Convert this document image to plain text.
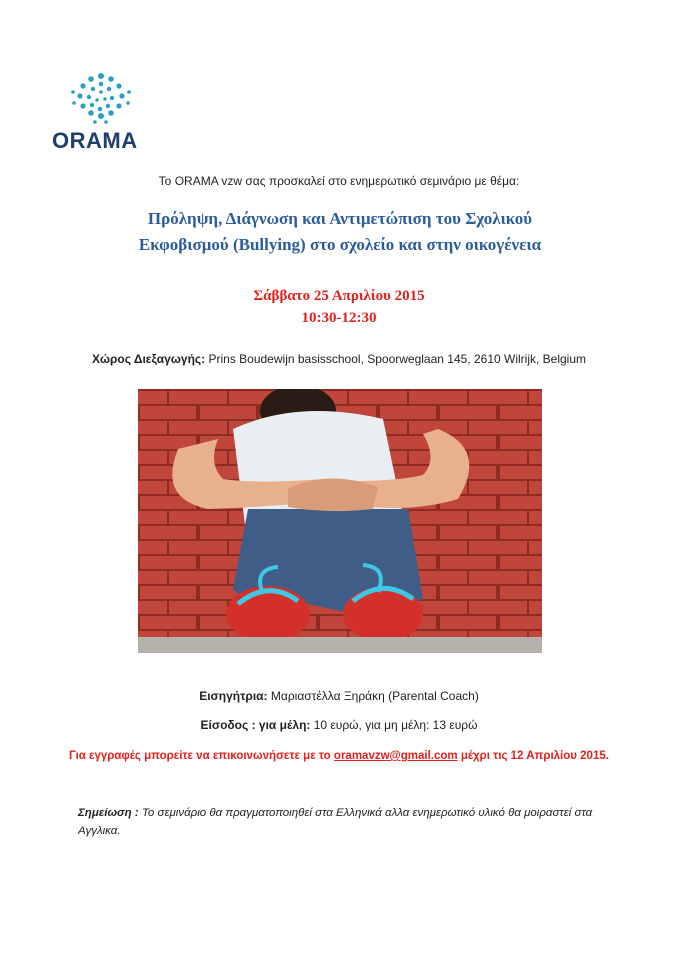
ORAMA
Το ORAMA vzw σας προσκαλεί στο ενημερωτικό σεμινάριο με θέμα:
Πρόληψη, Διάγνωση και Αντιμετώπιση του Σχολικού
Εκφοβισμού (Bullying) στο σχολείο και στην οικογένεια
Σάββατο 25 Απριλίου 2015
10:30-12:30
Χώρος Διεξαγωγής: Prins Boudewijn basisschool, Spoorweglaan 145, 2610 Wilrijk, Belgium
Εισηγήτρια: Μαριαστέλλα Ξηράκη (Parental Coach)
Είσοδος : για μέλη: 10 ευρώ, για μη μέλη: 13 ευρώ
Για εγγραφές μπορείτε να επικοινωνήσετε με το oramavzw@gmail.com μέχρι τις 12 Απριλίου 2015.
Σημείωση : Το σεμινάριο θα πραγματοποιηθεί στα Ελληνικά αλλα ενημερωτικό υλικό θα μοιραστεί στα Αγγλικα.
